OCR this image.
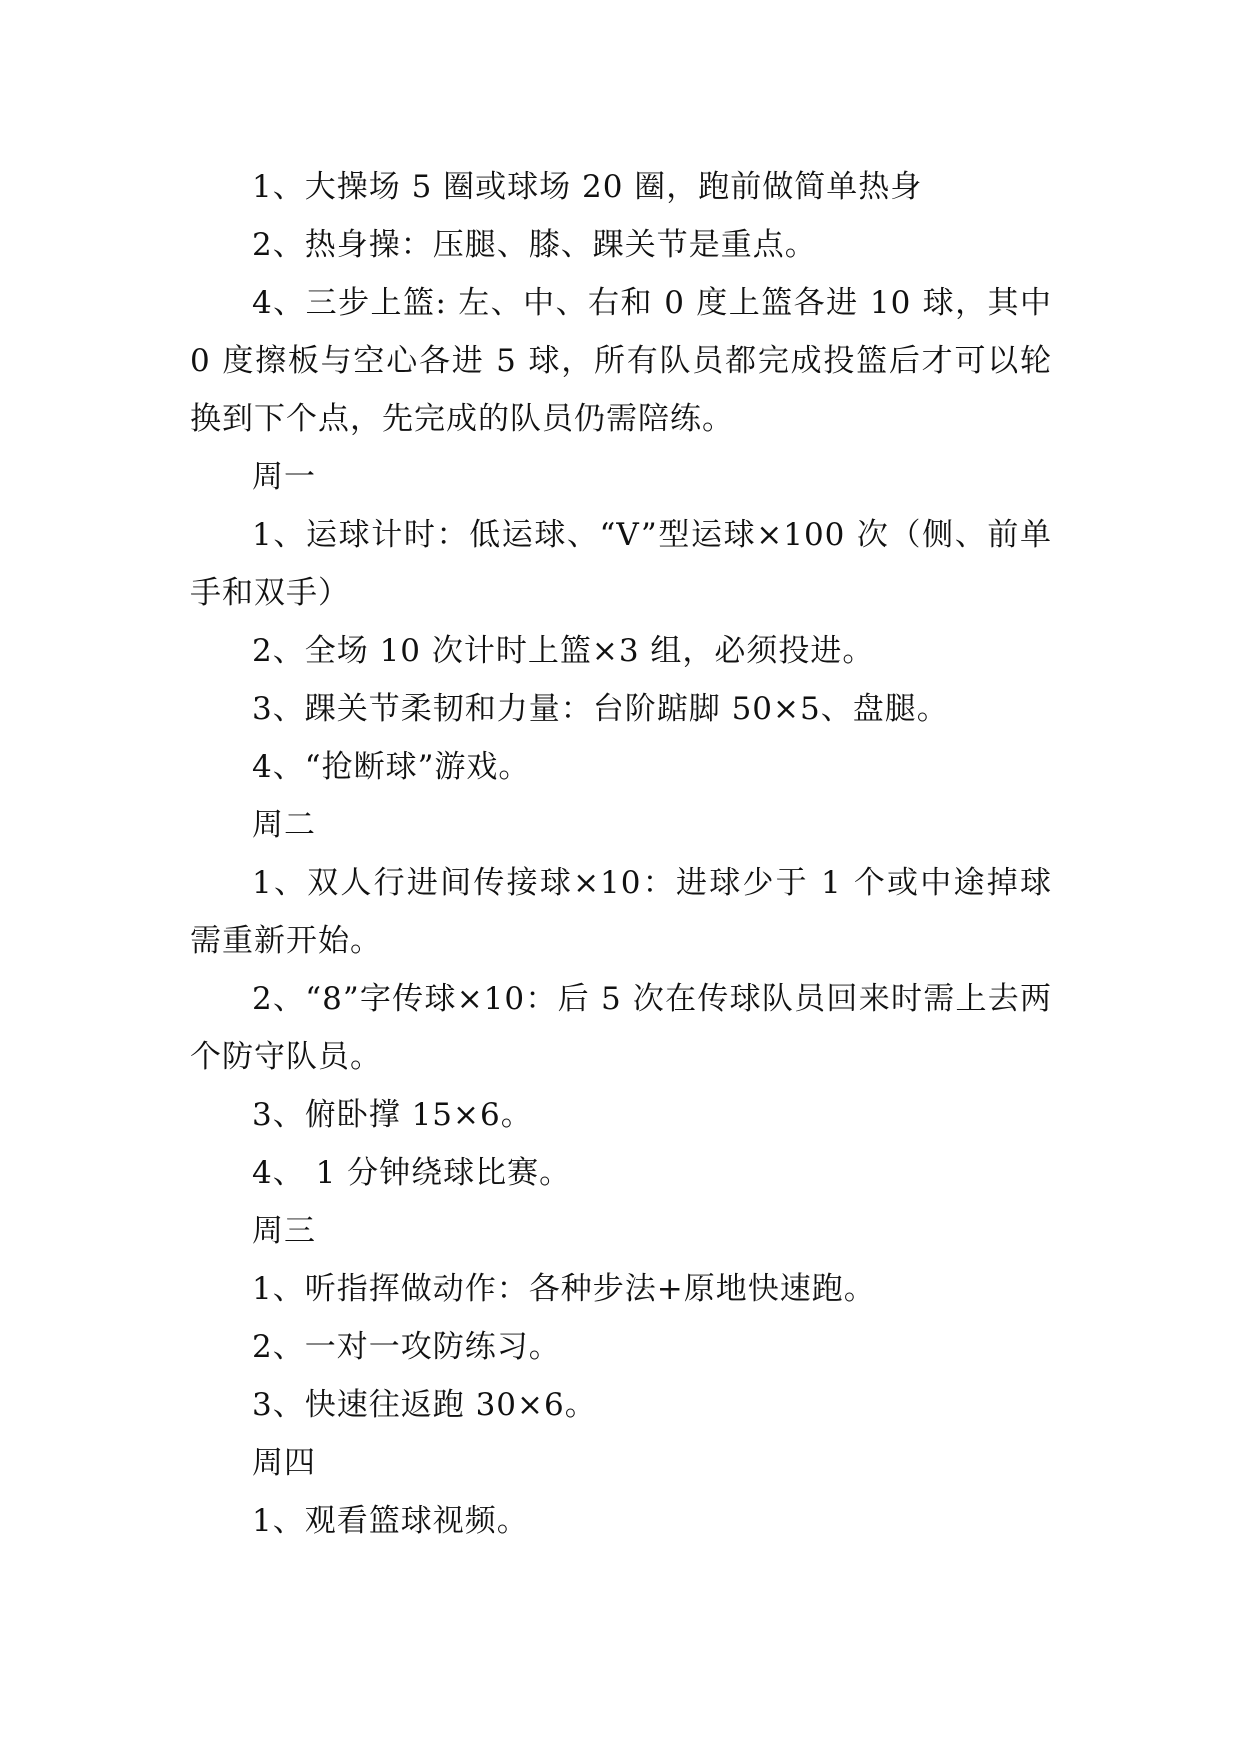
1、大操场 5 圈或球场 20 圈，跑前做简单热身

2、热身操：压腿、膝、踝关节是重点。

4、三步上篮: 左、中、右和 0 度上篮各进 10 球，其中 0 度擦板与空心各进 5 球，所有队员都完成投篮后才可以轮换到下个点，先完成的队员仍需陪练。

周一

1、运球计时：低运球、“V”型运球×100 次（侧、前单手和双手）

2、全场 10 次计时上篮×3 组，必须投进。

3、踝关节柔韧和力量：台阶踮脚 50×5、盘腿。

4、“抢断球”游戏。

周二

1、双人行进间传接球×10：进球少于 1 个或中途掉球需重新开始。

2、“8”字传球×10：后 5 次在传球队员回来时需上去两个防守队员。

3、俯卧撑 15×6。

4、 1 分钟绕球比赛。

周三

1、听指挥做动作：各种步法+原地快速跑。

2、一对一攻防练习。

3、快速往返跑 30×6。

周四

1、观看篮球视频。
